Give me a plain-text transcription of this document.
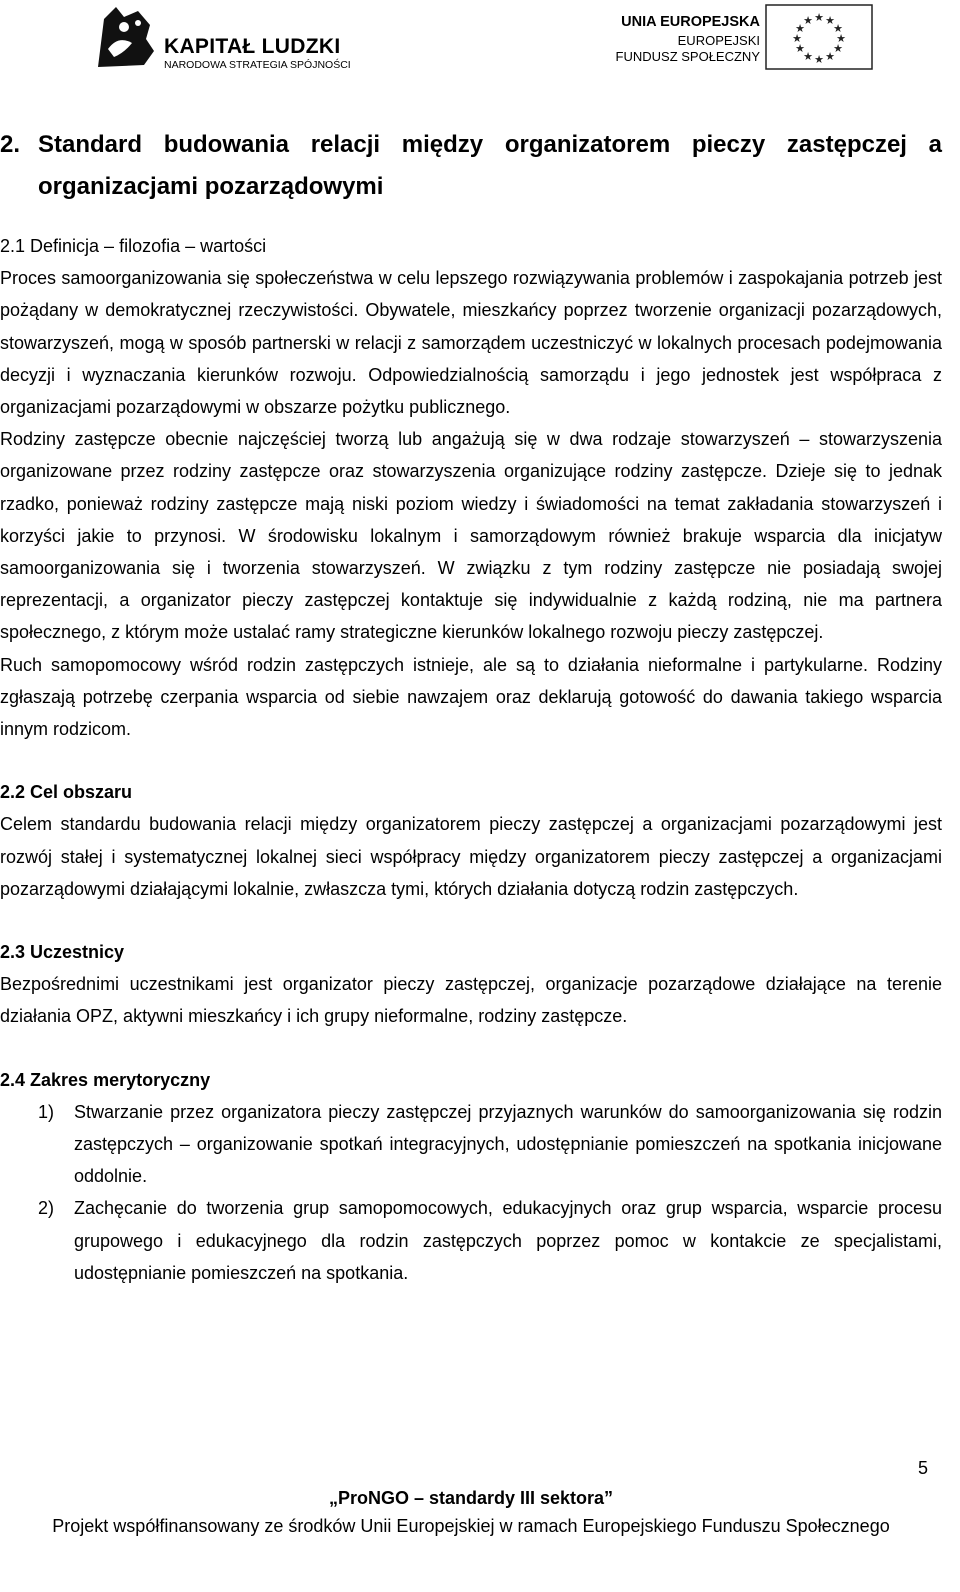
KAPITAŁ LUDZKI
NARODOWA STRATEGIA SPÓJNOŚCI
UNIA EUROPEJSKA
EUROPEJSKI
FUNDUSZ SPOŁECZNY
★ ★
★
★
★
★
★
★
★
★
★
★
2. Standard budowania relacji między organizatorem pieczy zastępczej a organizacjami pozarządowymi
2.1 Definicja – filozofia – wartości

Proces samoorganizowania się społeczeństwa w celu lepszego rozwiązywania problemów i zaspokajania potrzeb jest pożądany w demokratycznej rzeczywistości. Obywatele, mieszkańcy poprzez tworzenie organizacji pozarządowych, stowarzyszeń, mogą w sposób partnerski w relacji z samorządem uczestniczyć w lokalnych procesach podejmowania decyzji i wyznaczania kierunków rozwoju. Odpowiedzialnością samorządu i jego jednostek jest współpraca z organizacjami pozarządowymi w obszarze pożytku publicznego.

Rodziny zastępcze obecnie najczęściej tworzą lub angażują się w dwa rodzaje stowarzyszeń – stowarzyszenia organizowane przez rodziny zastępcze oraz stowarzyszenia organizujące rodziny zastępcze. Dzieje się to jednak rzadko, ponieważ rodziny zastępcze mają niski poziom wiedzy i świadomości na temat zakładania stowarzyszeń i korzyści jakie to przynosi. W środowisku lokalnym i samorządowym również brakuje wsparcia dla inicjatyw samoorganizowania się i tworzenia stowarzyszeń. W związku z tym rodziny zastępcze nie posiadają swojej reprezentacji, a organizator pieczy zastępczej kontaktuje się indywidualnie z każdą rodziną, nie ma partnera społecznego, z którym może ustalać ramy strategiczne kierunków lokalnego rozwoju pieczy zastępczej.

Ruch samopomocowy wśród rodzin zastępczych istnieje, ale są to działania nieformalne i partykularne. Rodziny zgłaszają potrzebę czerpania wsparcia od siebie nawzajem oraz deklarują gotowość do dawania takiego wsparcia innym rodzicom.

2.2 Cel obszaru

Celem standardu budowania relacji między organizatorem pieczy zastępczej a organizacjami pozarządowymi jest rozwój stałej i systematycznej lokalnej sieci współpracy między organizatorem pieczy zastępczej a organizacjami pozarządowymi działającymi lokalnie, zwłaszcza tymi, których działania dotyczą rodzin zastępczych.

2.3 Uczestnicy

Bezpośrednimi uczestnikami jest organizator pieczy zastępczej, organizacje pozarządowe działające na terenie działania OPZ, aktywni mieszkańcy i ich grupy nieformalne, rodziny zastępcze.

2.4 Zakres merytoryczny
1) Stwarzanie przez organizatora pieczy zastępczej przyjaznych warunków do samoorganizowania się rodzin zastępczych – organizowanie spotkań integracyjnych, udostępnianie pomieszczeń na spotkania inicjowane oddolnie.
2) Zachęcanie do tworzenia grup samopomocowych, edukacyjnych oraz grup wsparcia, wsparcie procesu grupowego i edukacyjnego dla rodzin zastępczych poprzez pomoc w kontakcie ze specjalistami, udostępnianie pomieszczeń na spotkania.
5
„ProNGO – standardy III sektora”
Projekt współfinansowany ze środków Unii Europejskiej w ramach Europejskiego Funduszu Społecznego
